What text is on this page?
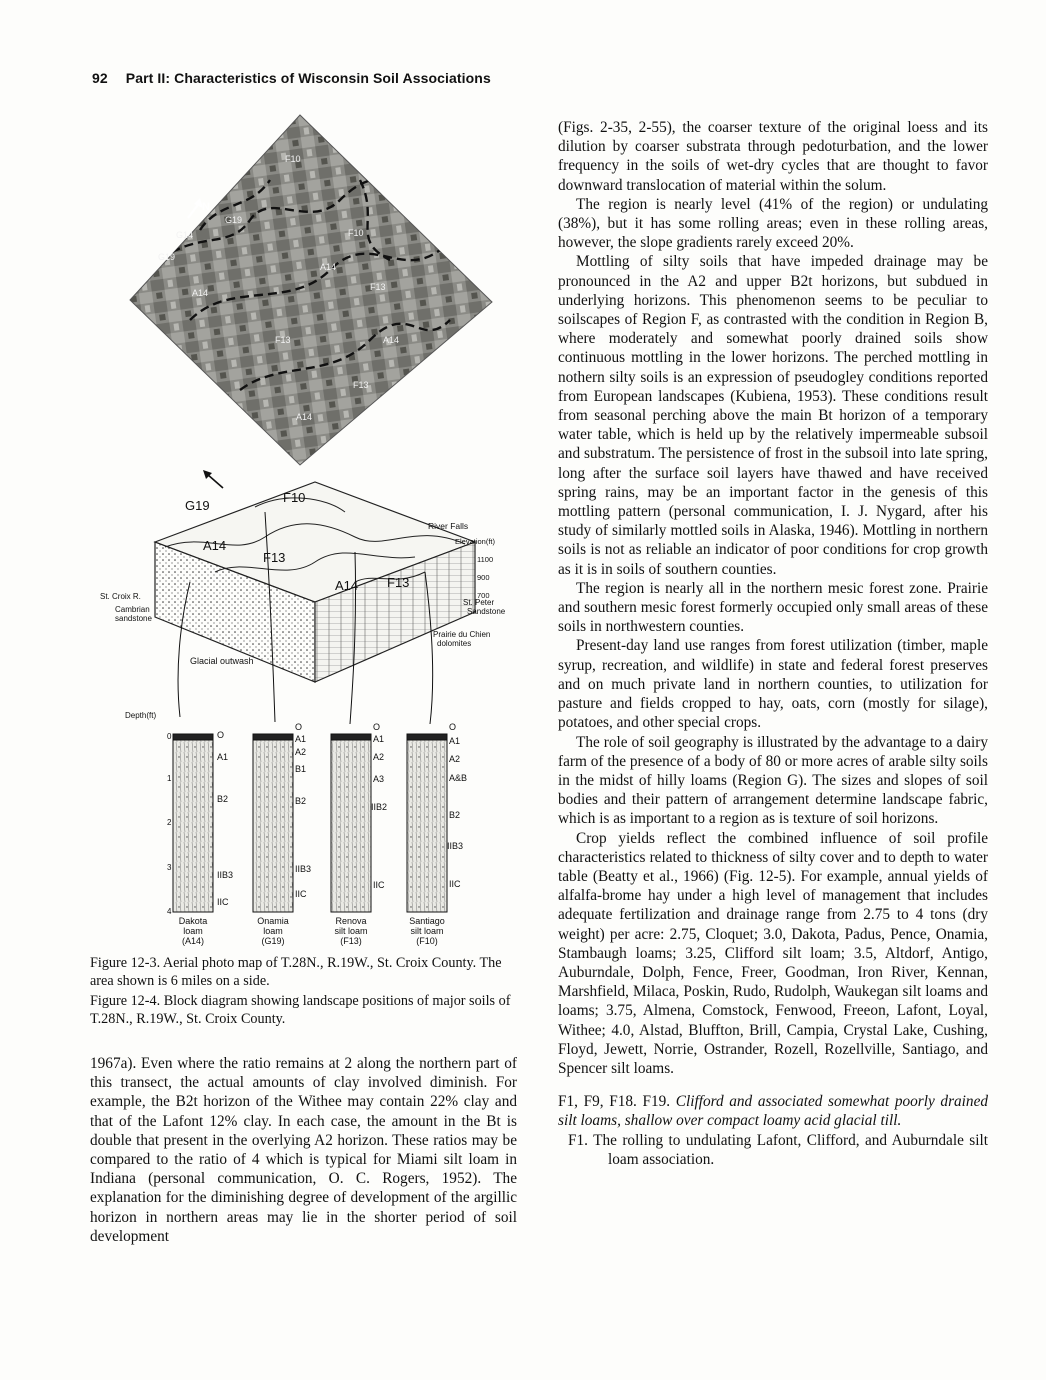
92 Part II: Characteristics of Wisconsin Soil Associations
F10
G19
G14
G19
F10
A14
A14
F13
F13	A14
F13
A14
N
G19
F10
A14
F13
A14 F13
River Falls
Elevation(ft)
1100
900
700
St. Croix R.
Cambrian
sandstone
St. Peter
Sandstone
Prairie du Chien
dolomites
Glacial outwash
Depth(ft)
0
1
2
3
4
O
A1
B2
IIB3
IIC
O
A1
A2
B1
B2
IIB3
IIC
O
A1
A2
A3
IIB2
IIC
O
A1
A2
A&B
B2
IIB3
IIC
Dakota
loam
(A14)
Onamia
loam
(G19)
Renova
silt loam
(F13)
Santiago
silt loam
(F10)

Figure 12-3. Aerial photo map of T.28N., R.19W., St. Croix County. The area shown is 6 miles on a side.

Figure 12-4. Block diagram showing landscape positions of major soils of T.28N., R.19W., St. Croix County.

1967a). Even where the ratio remains at 2 along the northern part of this transect, the actual amounts of clay involved diminish. For example, the B2t horizon of the Withee may contain 22% clay and that of the Lafont 12% clay. In each case, the amount in the Bt is double that present in the overlying A2 horizon. These ratios may be compared to the ratio of 4 which is typical for Miami silt loam in Indiana (personal communication, O. C. Rogers, 1952). The explanation for the diminishing degree of development of the argillic horizon in northern areas may lie in the shorter period of soil development

(Figs. 2-35, 2-55), the coarser texture of the original loess and its dilution by coarser substrata through pedoturbation, and the lower frequency in the soils of wet-dry cycles that are thought to favor downward translocation of material within the solum.

The region is nearly level (41% of the region) or undulating (38%), but it has some rolling areas; even in these rolling areas, however, the slope gradients rarely exceed 20%.

Mottling of silty soils that have impeded drainage may be pronounced in the A2 and upper B2t horizons, but subdued in underlying horizons. This phenomenon seems to be peculiar to soilscapes of Region F, as contrasted with the condition in Region B, where moderately and somewhat poorly drained soils show continuous mottling in the lower horizons. The perched mottling in nothern silty soils is an expression of pseudogley conditions reported from European landscapes (Kubiena, 1953). These conditions result from seasonal perching above the main Bt horizon of a temporary water table, which is held up by the relatively impermeable subsoil and substratum. The persistence of frost in the subsoil into late spring, long after the surface soil layers have thawed and have received spring rains, may be an important factor in the genesis of this mottling pattern (personal communication, I. J. Nygard, after his study of similarly mottled soils in Alaska, 1946). Mottling in northern soils is not as reliable an indicator of poor conditions for crop growth as it is in soils of southern counties.

The region is nearly all in the northern mesic forest zone. Prairie and southern mesic forest formerly occupied only small areas of these soils in northwestern counties.

Present-day land use ranges from forest utilization (timber, maple syrup, recreation, and wildlife) in state and federal forest preserves and on much private land in northern counties, to utilization for pasture and fields cropped to hay, oats, corn (mostly for silage), potatoes, and other special crops.

The role of soil geography is illustrated by the advantage to a dairy farm of the presence of a body of 80 or more acres of arable silty soils in the midst of hilly loams (Region G). The sizes and slopes of soil bodies and their pattern of arrangement determine landscape fabric, which is as important to a region as is texture of soil horizons.

Crop yields reflect the combined influence of soil profile characteristics related to thickness of silty cover and to depth to water table (Beatty et al., 1966) (Fig. 12-5). For example, annual yields of alfalfa-brome hay under a high level of management that includes adequate fertilization and drainage range from 2.75 to 4 tons (dry weight) per acre: 2.75, Cloquet; 3.0, Dakota, Padus, Pence, Onamia, Stambaugh loams; 3.25, Clifford silt loam; 3.5, Altdorf, Antigo, Auburndale, Dolph, Fence, Freer, Goodman, Iron River, Kennan, Marshfield, Milaca, Poskin, Rudo, Rudolph, Waukegan silt loams and loams; 3.75, Almena, Comstock, Fenwood, Freeon, Lafont, Loyal, Withee; 4.0, Alstad, Bluffton, Brill, Campia, Crystal Lake, Cushing, Floyd, Jewett, Norrie, Ostrander, Rozell, Rozellville, Santiago, and Spencer silt loams.

F1, F9, F18. F19. Clifford and associated somewhat poorly drained silt loams, shallow over compact loamy acid glacial till.

F1. The rolling to undulating Lafont, Clifford, and Auburndale silt loam association.
